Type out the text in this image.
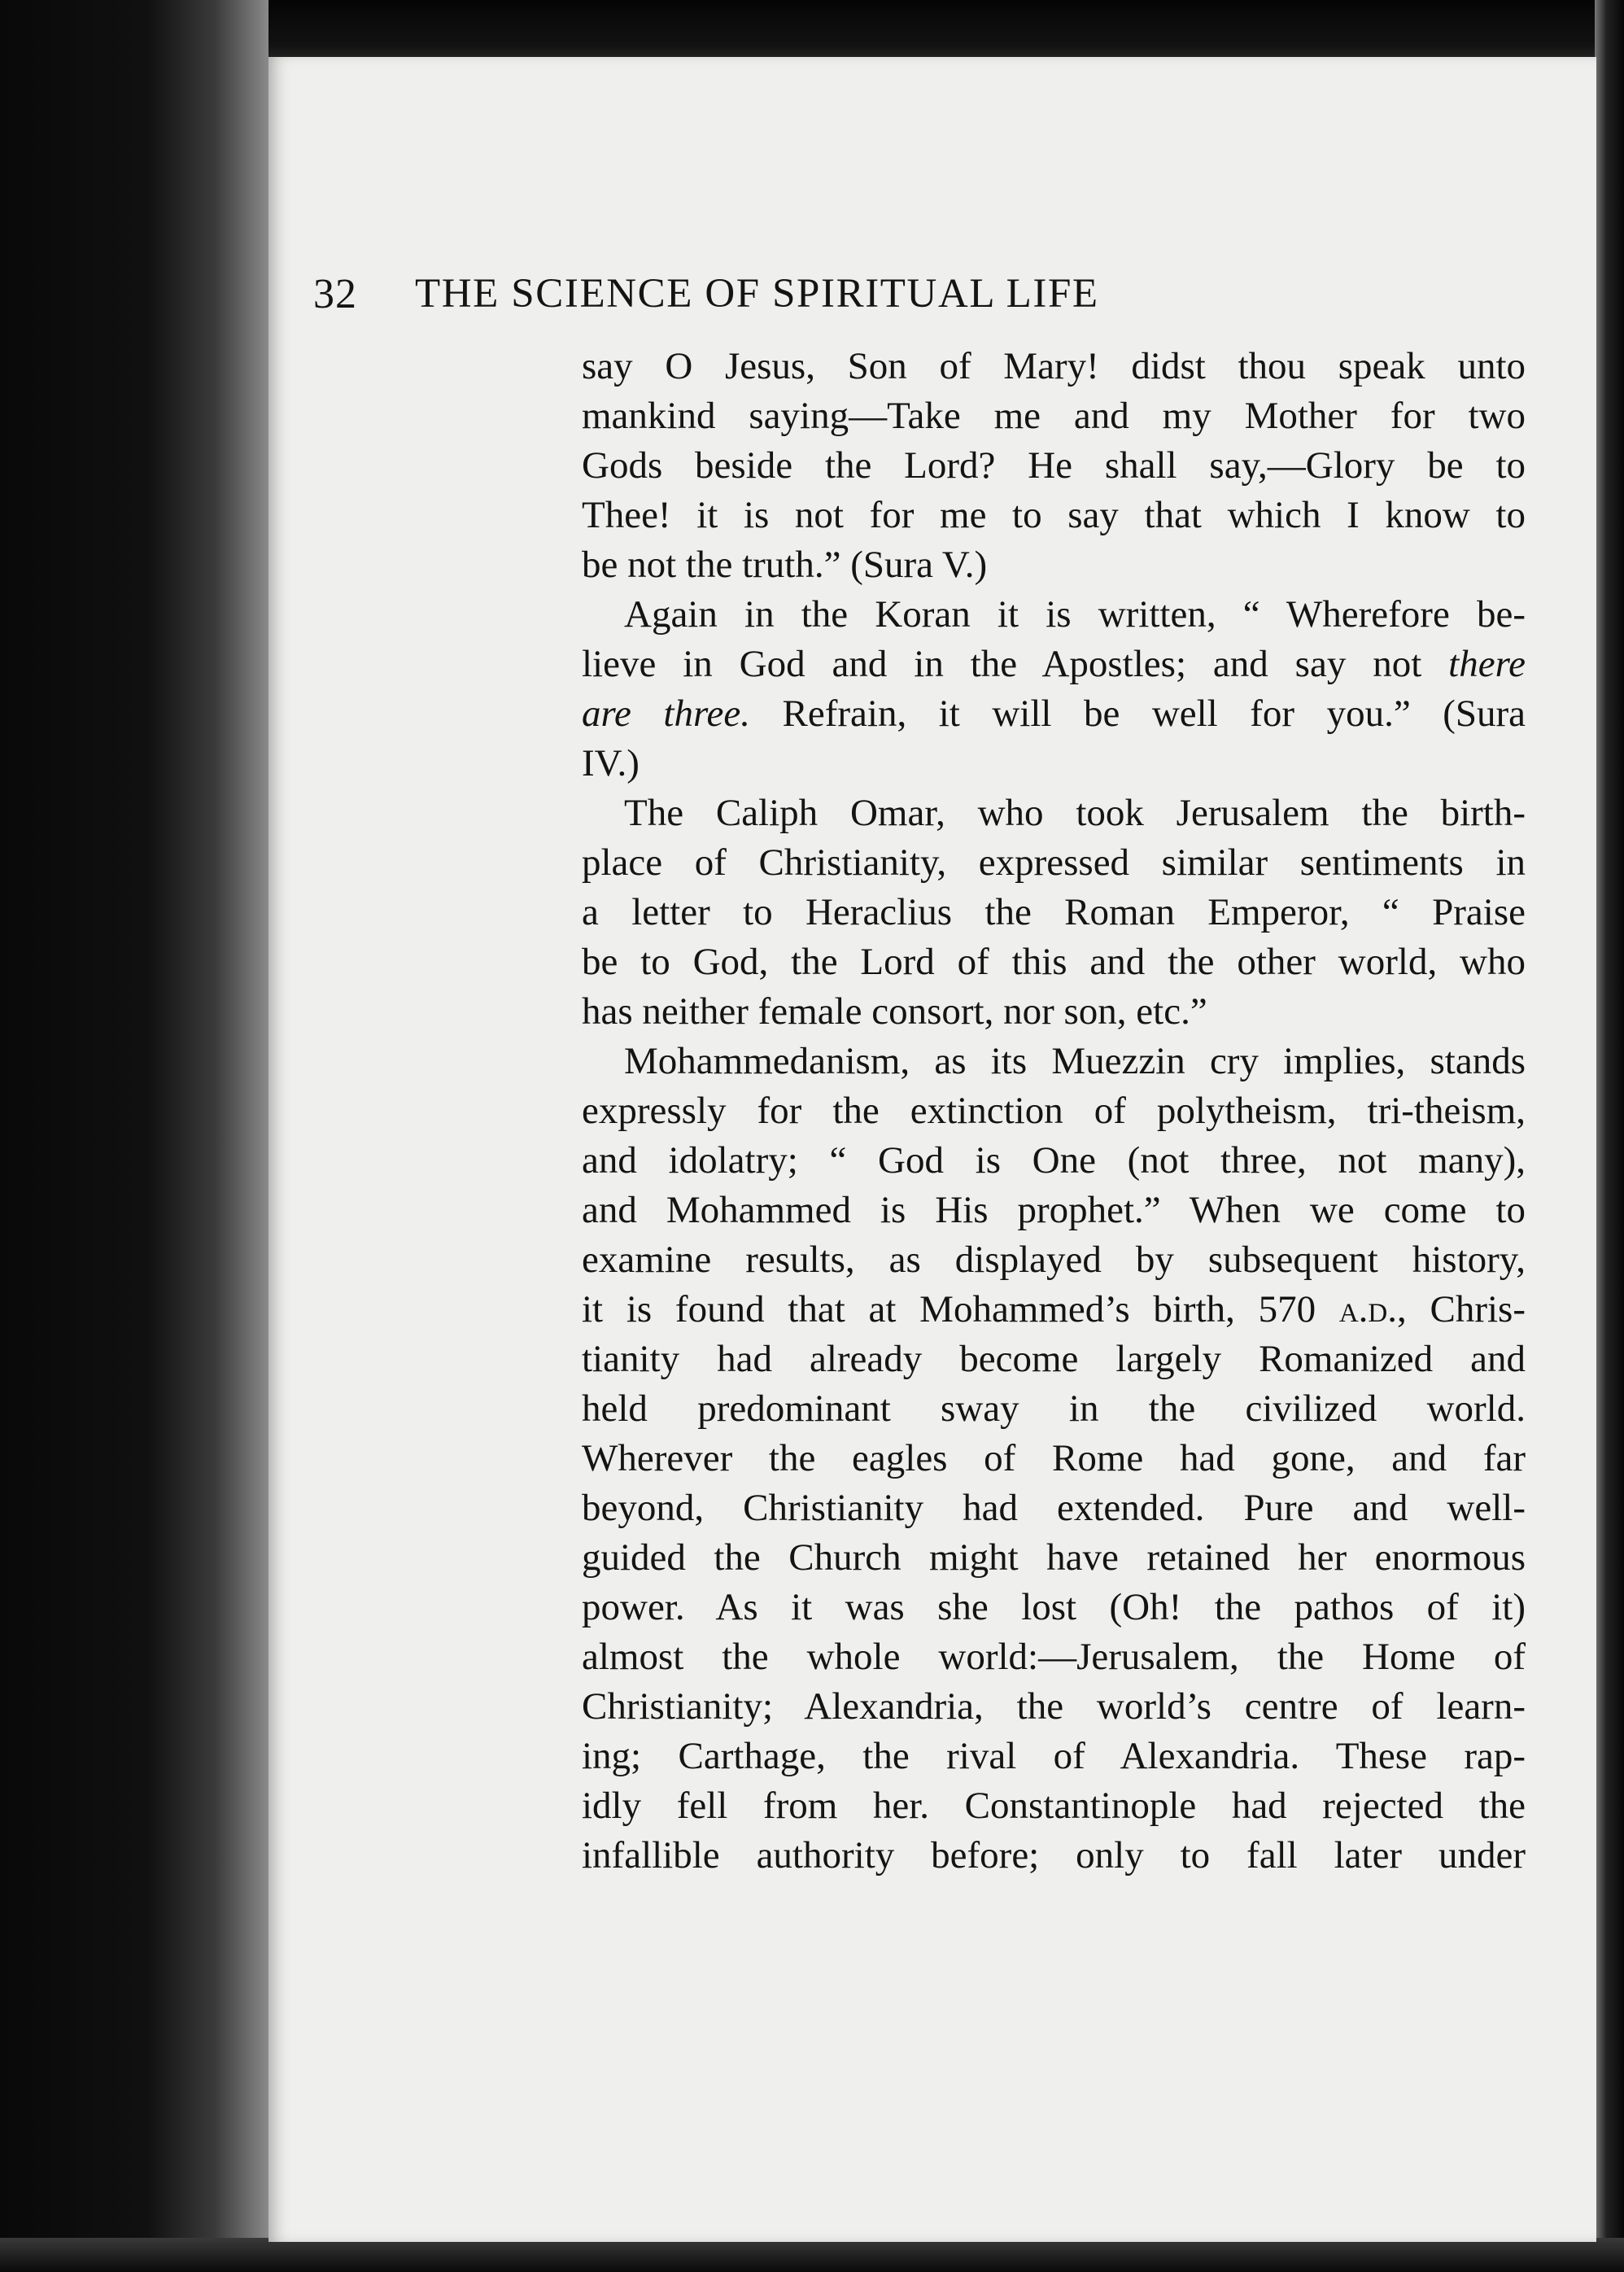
32 THE SCIENCE OF SPIRITUAL LIFE
say O Jesus, Son of Mary! didst thou speak unto
mankind saying—Take me and my Mother for two
Gods beside the Lord? He shall say,—Glory be to
Thee! it is not for me to say that which I know to
be not the truth.” (Sura V.)
Again in the Koran it is written, “ Wherefore be-
lieve in God and in the Apostles; and say not there
are three. Refrain, it will be well for you.” (Sura
IV.)
The Caliph Omar, who took Jerusalem the birth-
place of Christianity, expressed similar sentiments in
a letter to Heraclius the Roman Emperor, “ Praise
be to God, the Lord of this and the other world, who
has neither female consort, nor son, etc.”
Mohammedanism, as its Muezzin cry implies, stands
expressly for the extinction of polytheism, tri-theism,
and idolatry; “ God is One (not three, not many),
and Mohammed is His prophet.” When we come to
examine results, as displayed by subsequent history,
it is found that at Mohammed’s birth, 570 a.d., Chris-
tianity had already become largely Romanized and
held predominant sway in the civilized world.
Wherever the eagles of Rome had gone, and far
beyond, Christianity had extended. Pure and well-
guided the Church might have retained her enormous
power. As it was she lost (Oh! the pathos of it)
almost the whole world:—Jerusalem, the Home of
Christianity; Alexandria, the world’s centre of learn-
ing; Carthage, the rival of Alexandria. These rap-
idly fell from her. Constantinople had rejected the
infallible authority before; only to fall later under
